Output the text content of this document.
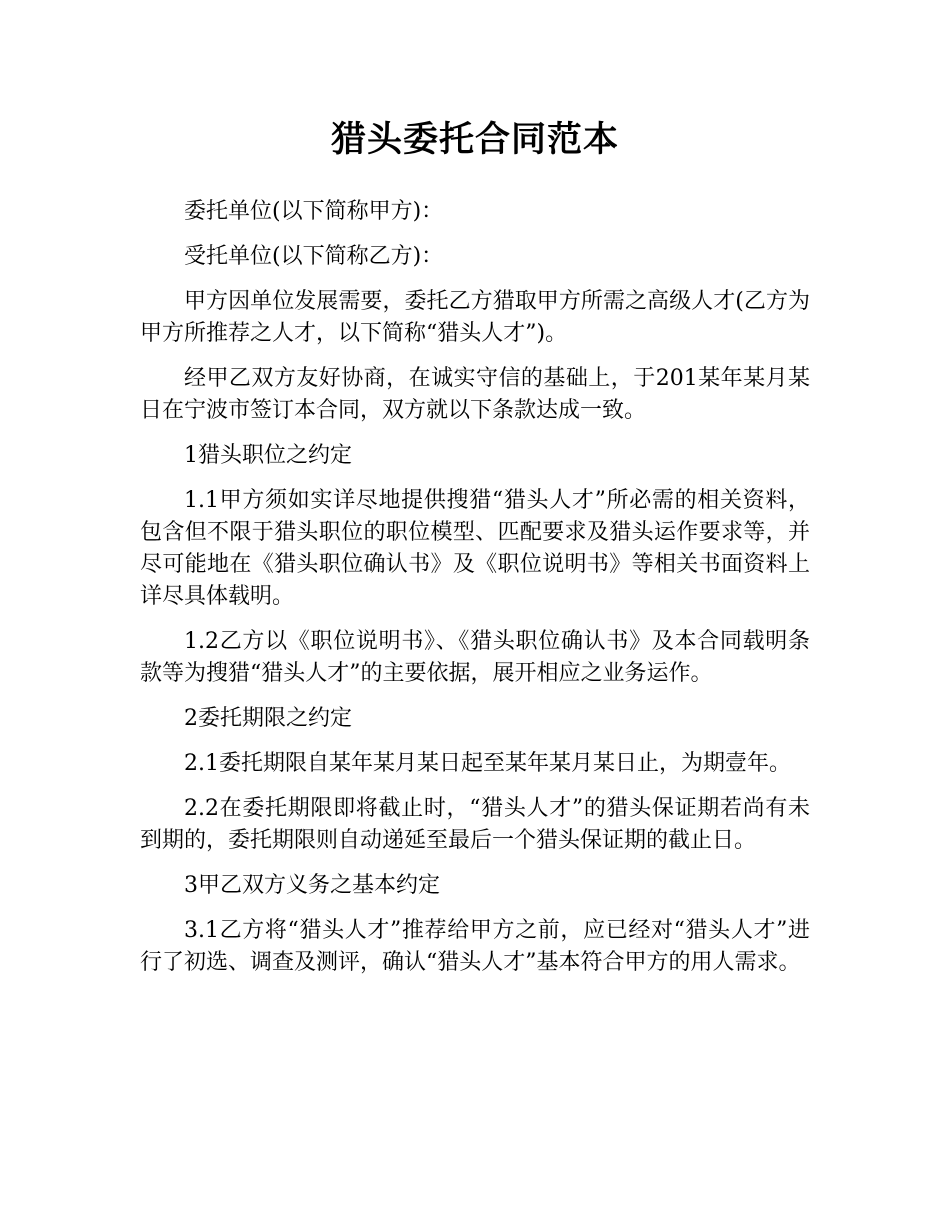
猎头委托合同范本

委托单位(以下简称甲方)：

受托单位(以下简称乙方)：

甲方因单位发展需要，委托乙方猎取甲方所需之高级人才(乙方为甲方所推荐之人才，以下简称“猎头人才”)。

经甲乙双方友好协商，在诚实守信的基础上，于201某年某月某日在宁波市签订本合同，双方就以下条款达成一致。

1猎头职位之约定

1.1甲方须如实详尽地提供搜猎“猎头人才”所必需的相关资料，包含但不限于猎头职位的职位模型、匹配要求及猎头运作要求等，并尽可能地在《猎头职位确认书》及《职位说明书》等相关书面资料上详尽具体载明。

1.2乙方以《职位说明书》、《猎头职位确认书》及本合同载明条款等为搜猎“猎头人才”的主要依据，展开相应之业务运作。

2委托期限之约定

2.1委托期限自某年某月某日起至某年某月某日止，为期壹年。

2.2在委托期限即将截止时，“猎头人才”的猎头保证期若尚有未到期的，委托期限则自动递延至最后一个猎头保证期的截止日。

3甲乙双方义务之基本约定

3.1乙方将“猎头人才”推荐给甲方之前，应已经对“猎头人才”进行了初选、调查及测评，确认“猎头人才”基本符合甲方的用人需求。
